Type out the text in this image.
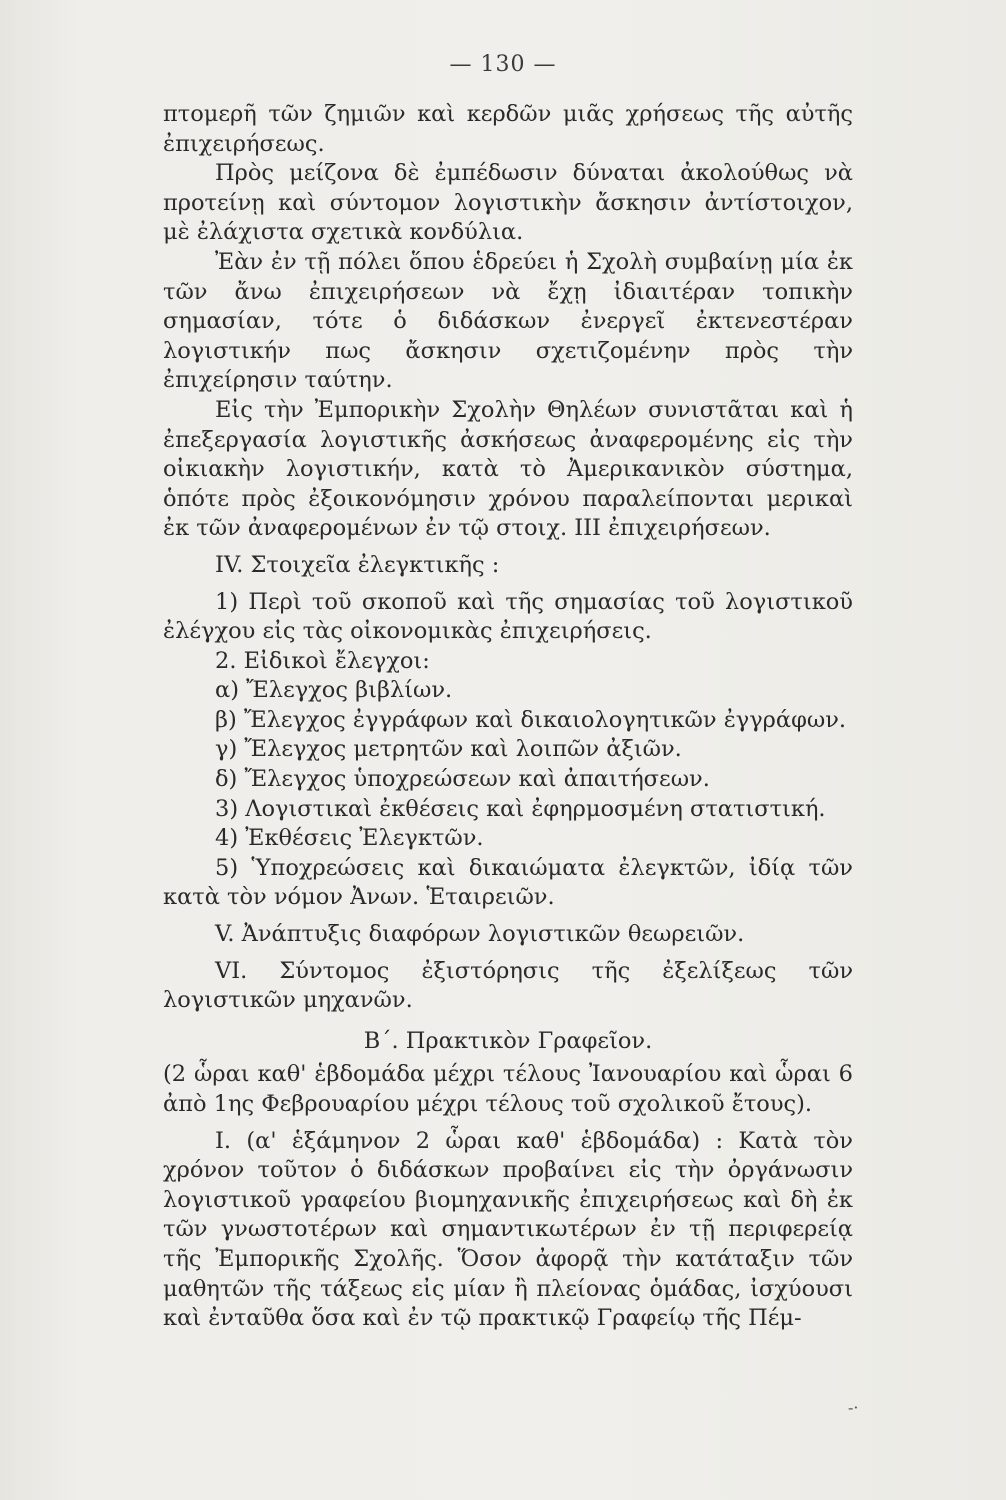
— 130 —

πτομερῆ τῶν ζημιῶν καὶ κερδῶν μιᾶς χρήσεως τῆς αὐτῆς ἐπιχειρήσεως.

Πρὸς μείζονα δὲ ἐμπέδωσιν δύναται ἀκολούθως νὰ προτείνῃ καὶ σύντομον λογιστικὴν ἄσκησιν ἀντίστοιχον, μὲ ἐλάχιστα σχετικὰ κονδύλια.

Ἐὰν ἐν τῇ πόλει ὅπου ἑδρεύει ἡ Σχολὴ συμβαίνῃ μία ἐκ τῶν ἄνω ἐπιχειρήσεων νὰ ἔχῃ ἰδιαιτέραν τοπικὴν σημασίαν, τότε ὁ διδάσκων ἐνεργεῖ ἐκτενεστέραν λογιστικήν πως ἄσκησιν σχετιζομένην πρὸς τὴν ἐπιχείρησιν ταύτην.

Εἰς τὴν Ἐμπορικὴν Σχολὴν Θηλέων συνιστᾶται καὶ ἡ ἐπεξεργασία λογιστικῆς ἀσκήσεως ἀναφερομένης εἰς τὴν οἰκιακὴν λογιστικήν, κατὰ τὸ Ἀμερικανικὸν σύστημα, ὁπότε πρὸς ἐξοικονόμησιν χρόνου παραλείπονται μερικαὶ ἐκ τῶν ἀναφερομένων ἐν τῷ στοιχ. ΙΙΙ ἐπιχειρήσεων.

ΙV. Στοιχεῖα ἐλεγκτικῆς :

1) Περὶ τοῦ σκοποῦ καὶ τῆς σημασίας τοῦ λογιστικοῦ ἐλέγχου εἰς τὰς οἰκονομικὰς ἐπιχειρήσεις.

2. Εἰδικοὶ ἔλεγχοι:

α) Ἔλεγχος βιβλίων.

β) Ἔλεγχος ἐγγράφων καὶ δικαιολογητικῶν ἐγγράφων.

γ) Ἔλεγχος μετρητῶν καὶ λοιπῶν ἀξιῶν.

δ) Ἔλεγχος ὑποχρεώσεων καὶ ἀπαιτήσεων.

3) Λογιστικαὶ ἐκθέσεις καὶ ἐφηρμοσμένη στατιστική.

4) Ἐκθέσεις Ἐλεγκτῶν.

5) Ὑποχρεώσεις καὶ δικαιώματα ἐλεγκτῶν, ἰδίᾳ τῶν κατὰ τὸν νόμον Ἀνων. Ἑταιρειῶν.

V. Ἀνάπτυξις διαφόρων λογιστικῶν θεωρειῶν.

VI. Σύντομος ἐξιστόρησις τῆς ἐξελίξεως τῶν λογιστικῶν μηχανῶν.

Β΄. Πρακτικὸν Γραφεῖον.

(2 ὧραι καθ' ἑβδομάδα μέχρι τέλους Ἰανουαρίου καὶ ὧραι 6 ἀπὸ 1ης Φεβρουαρίου μέχρι τέλους τοῦ σχολικοῦ ἔτους).

Ι. (α' ἑξάμηνον 2 ὧραι καθ' ἑβδομάδα) : Κατὰ τὸν χρόνον τοῦτον ὁ διδάσκων προβαίνει εἰς τὴν ὀργάνωσιν λογιστικοῦ γραφείου βιομηχανικῆς ἐπιχειρήσεως καὶ δὴ ἐκ τῶν γνωστοτέρων καὶ σημαντικωτέρων ἐν τῇ περιφερείᾳ τῆς Ἐμπορικῆς Σχολῆς. Ὅσον ἀφορᾷ τὴν κατάταξιν τῶν μαθητῶν τῆς τάξεως εἰς μίαν ἢ πλείονας ὁμάδας, ἰσχύουσι καὶ ἐνταῦθα ὅσα καὶ ἐν τῷ πρακτικῷ Γραφείῳ τῆς Πέμ-

-·
